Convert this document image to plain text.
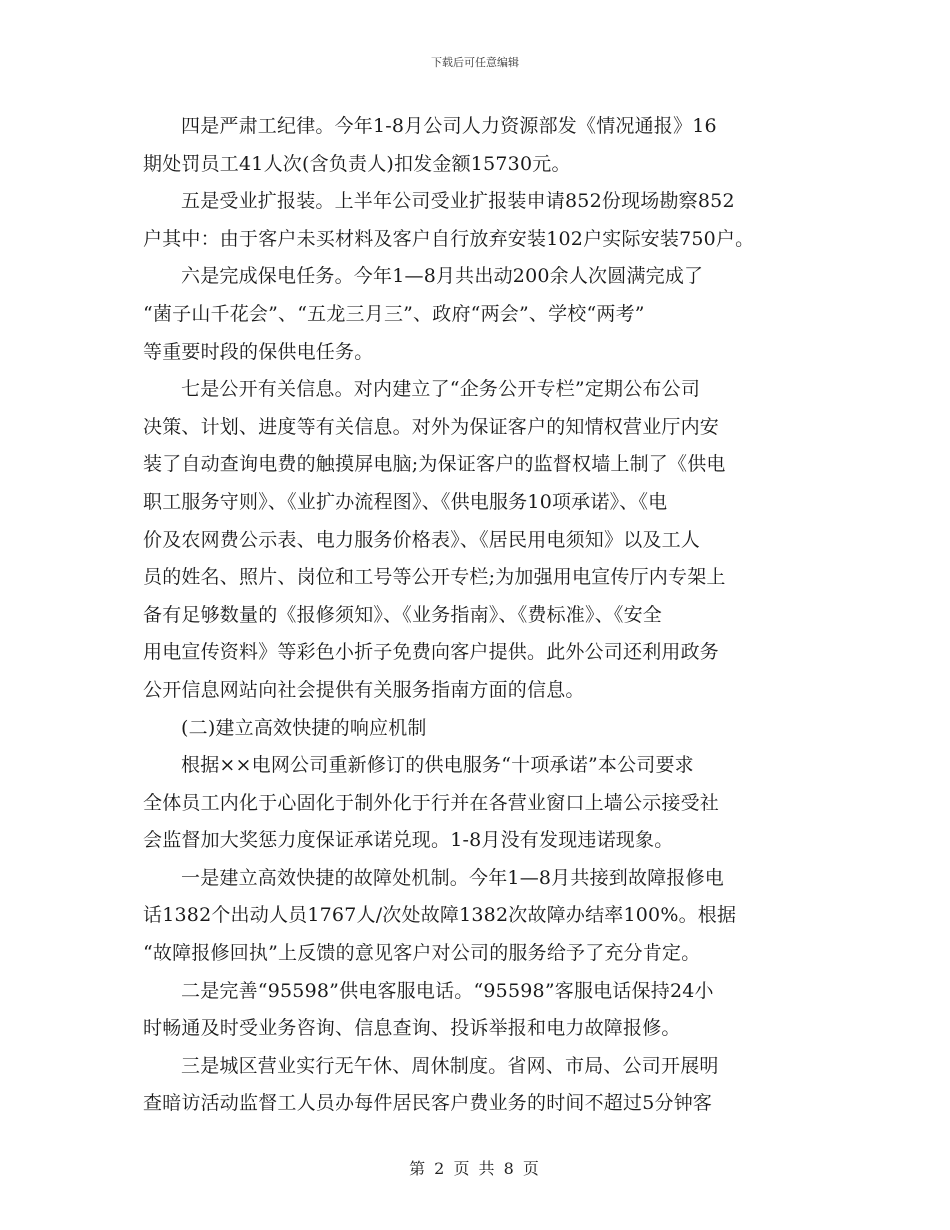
下载后可任意编辑
四是严肃工纪律。今年1-8月公司人力资源部发《情况通报》16
期处罚员工41人次(含负责人)扣发金额15730元。
五是受业扩报装。上半年公司受业扩报装申请852份现场勘察852
户其中：由于客户未买材料及客户自行放弃安装102户实际安装750户。
六是完成保电任务。今年1—8月共出动200余人次圆满完成了
“菌子山千花会”、“五龙三月三”、政府“两会”、学校“两考”
等重要时段的保供电任务。
七是公开有关信息。对内建立了“企务公开专栏”定期公布公司
决策、计划、进度等有关信息。对外为保证客户的知情权营业厅内安
装了自动查询电费的触摸屏电脑;为保证客户的监督权墙上制了《供电
职工服务守则》、《业扩办流程图》、《供电服务10项承诺》、《电
价及农网费公示表、电力服务价格表》、《居民用电须知》以及工人
员的姓名、照片、岗位和工号等公开专栏;为加强用电宣传厅内专架上
备有足够数量的《报修须知》、《业务指南》、《费标准》、《安全
用电宣传资料》等彩色小折子免费向客户提供。此外公司还利用政务
公开信息网站向社会提供有关服务指南方面的信息。
(二)建立高效快捷的响应机制
根据××电网公司重新修订的供电服务“十项承诺”本公司要求
全体员工内化于心固化于制外化于行并在各营业窗口上墙公示接受社
会监督加大奖惩力度保证承诺兑现。1-8月没有发现违诺现象。
一是建立高效快捷的故障处机制。今年1—8月共接到故障报修电
话1382个出动人员1767人/次处故障1382次故障办结率100%。根据
“故障报修回执”上反馈的意见客户对公司的服务给予了充分肯定。
二是完善“95598”供电客服电话。“95598”客服电话保持24小
时畅通及时受业务咨询、信息查询、投诉举报和电力故障报修。
三是城区营业实行无午休、周休制度。省网、市局、公司开展明
查暗访活动监督工人员办每件居民客户费业务的时间不超过5分钟客
第 2 页 共 8 页
